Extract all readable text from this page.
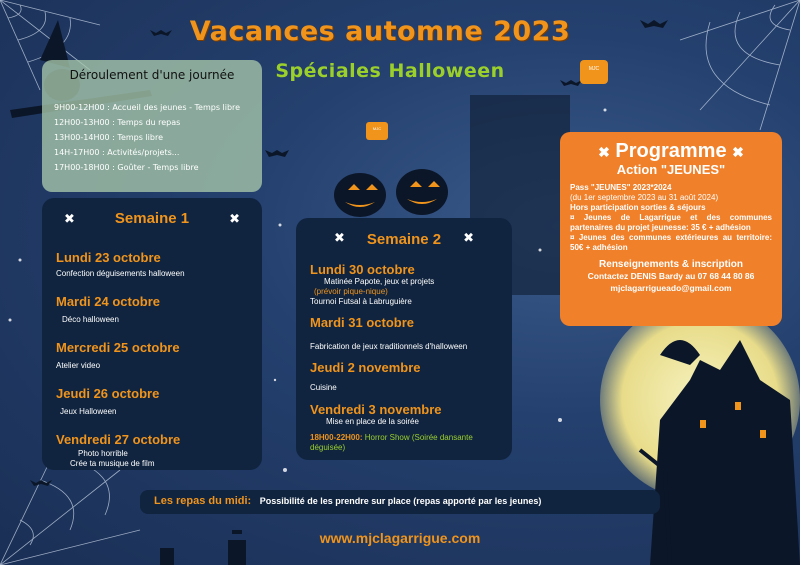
Vacances automne 2023
Spéciales Halloween	MJC
MJC
Déroulement d'une journée
9H00-12H00 : Accueil des jeunes - Temps libre
12H00-13H00 : Temps du repas
13H00-14H00 : Temps libre
14H-17H00 : Activités/projets...
17H00-18H00 : Goûter - Temps libre
✖	✖
Semaine 1
Lundi 23 octobre
Confection déguisements halloween
Mardi 24 octobre
Déco halloween
Mercredi 25 octobre
Atelier video
Jeudi 26 octobre
Jeux Halloween
Vendredi 27 octobre
Photo horrible
Crée ta musique de film
✖	✖
Semaine 2
Lundi 30 octobre
Matinée Papote, jeux et projets
(prévoir pique-nique)
Tournoi Futsal à Labruguière
Mardi 31 octobre
Fabrication de jeux traditionnels d'halloween
Jeudi 2 novembre
Cuisine
Vendredi 3 novembre
Mise en place de la soirée
18H00-22H00: Horror Show (Soirée dansante déguisée)
✖ Programme ✖
Action "JEUNES"

Pass "JEUNES" 2023*2024

(du 1er septembre 2023 au 31 août 2024)

Hors participation sorties & séjours

¤ Jeunes de Lagarrigue et des communes partenaires du projet jeunesse: 35 € + adhésion

¤ Jeunes des communes extérieures au territoire: 50€ + adhésion

Renseignements & inscription
Contactez DENIS Bardy au 07 68 44 80 86
mjclagarrigueado@gmail.com
Les repas du midi: Possibilité de les prendre sur place (repas apporté par les jeunes)
www.mjclagarrigue.com
